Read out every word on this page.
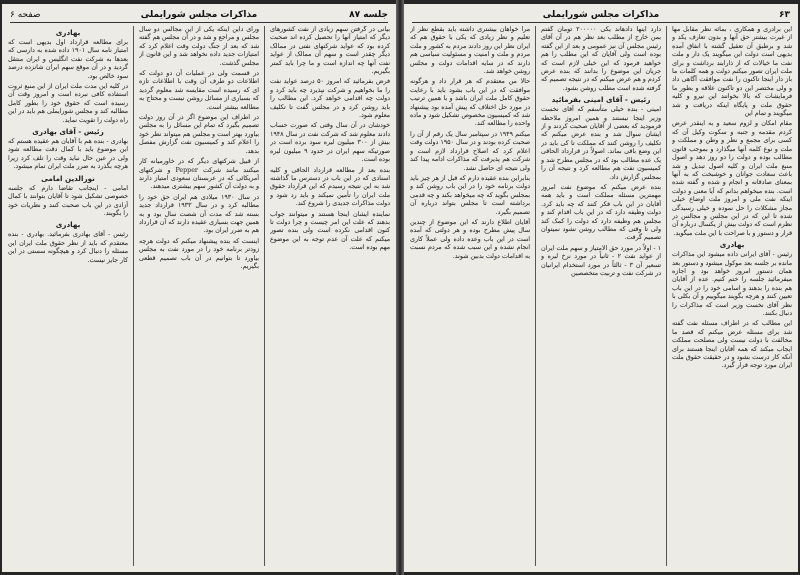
۶۳
مذاکرات مجلس شورایملی

این برادری و همکاری ، بمائه نظر مقابل مها از غیرت بیشتر حق آنها و بدون تعارف یکد و شد و برطبق آن تعقیل گشته با انفاق آمده بدیهی است دولت این میگویند یک دار و ملت نفت ما خیالات که از ذارابند برداشت و برای ملت ایران تصور میکنم دولت و همه کلمات ما باز دار اینجا تاکنون را نفت موافقت آگاهی داد و ولی مختصر این دو تاکنون علاقه و بطور ما فرمایشات که بالا بخوانند این نیرو و کلیه حقوق ملت و پایگاه اینکه دریافت و شد میگویند و تمام این

مقام امکان و لزوم سعید و به اینقدر عرض کردم مقدمه و جنبه و سکوت وکیل آن که کسی برای مجمع و نظر و وطن و مملکت و ملت و نوع کلمه آنها میگذارد و بموجب قانون مطالب بوده و دولت را دو روز دهد و اصول منبع ملت ایران و کلیه اصول تبدیل و شد باعث سعادت جوانان و خوشبخت که به آنها بمعنای صادقانه و انجام و شده و گفته شده است. بنده میخواهم بدانم که آیا معنی و دولت اینکه نفت ملی و امروز ملت اوضاع خیلی مجاز مشکلات را حل نموده و خیلی رسیدگی شده تا این که در این مجلس و مجالس در نظرم است که دولت بیش از یکسال درباره آن قرار و دستور و با صراحت با این ملت میگوید.

بهادری

رئیس - آقای ایرانی داده میشود این مذاکرات مانده بر جلسه بعد موکول میشود و دستور بعد همان دستور امروز خواهد بود و اجازه میفرمائید جلسه را ختم کنیم. عده از آقایان هم بنده را بدهند و اسامی خود را در این باب تعیین کنند و هرچه بگویند میگوییم و آن بکلی با نظر آقای نخست وزیر است که مذاکرات را دنبال بکنند.

این مطالب که در اطراف مسئله نفت گفته شد برای مسئله عرض میکنم که قصد ما مخالفت با دولت نیست ولی مصلحت مملکت ایجاب میکند که همه آقایان اینجا هستند برای آنکه کار درست بشود و در حقیقت حقوق ملت ایران مورد توجه قرار گیرد.

دارد اینها دادهاند یکی ۲۰۰۰۰۰ تومان گفتم بمن خارج از مطلب بعد نظر هم در آن آقای رئیس مجلس آن نیز عمومی و بعد از این گفته بوده است ولی آقایان که این مطلب را هم خواهید فرمود که این خیلی لازم است که جریان این موضوع را بدانند که بنده عرض کردم و هم عرض میکنم که در نتیجه تصمیم که گرفته شده است مطلب روشن بشود.

رئیس - آقای امینی بفرمائید

امینی - بنده خیلی متأسفم که آقای نخست وزیر اینجا نیستند و همین امروز ملاحظه فرمودید که بعضی از آقایان صحبت کردند و از ایشان سوال شد و بنده عرض میکنم که تکلیف را روشن کنند که مملکت تا کی باید در این وضع باقی بماند. اصولاً در قرارداد الحاقی یک عده مطالب بود که در مجلس مطرح شد و کمیسیون نفت هم مطالعه کرد و نتیجه آن را بمجلس گزارش داد.

بنده عرض میکنم که موضوع نفت امروز مهمترین مسئله مملکت است و باید همه آقایان در این باب فکر کنند که چه باید کرد. دولت وظیفه دارد که در این باب اقدام کند و مجلس هم وظیفه دارد که دولت را کمک کند ولی تا وقتی که مطالب روشن نشود نمیتوان تصمیم گرفت.

۱ - اولاً در مورد حق الامتیاز و سهم ملت ایران از عواید نفت ۲ - ثانیاً در مورد نرخ لیره و تسعیر آن ۳ - ثالثاً در مورد استخدام ایرانیان در شرکت نفت و تربیت متخصصین

مرا خواهان بیشتری داشته باید بقطع نظر از تعلیم و نظر زیادی که یکی با حقوق هم که ایران نظر این روز دادند مردم به کشور و ملت مردم و ملت و امنیت و مسئولیت سیاسی هم دارند که در سایه اقدامات دولت و مجلس روشن خواهد شد.

حالا من معتقدم که هر قرار داد و هرگونه موافقت که در این باب بشود باید با رعایت حقوق کامل ملت ایران باشد و با همین ترتیب در مورد حل اختلاف که پیش آمده بود پیشنهاد شد که کمیسیون مخصوص تشکیل شود و ماده واحده را مطالعه کند.

میکنم ۱۹۴۹ در سپتامبر سال یک رقم از آن را صحبت کرده بودند و در سال ۱۹۵۰ دولت وقت اعلام کرد که اصلاح قرارداد لازم است و شرکت هم پذیرفت که مذاکرات ادامه پیدا کند ولی نتیجه ای حاصل نشد.

بنابراین بنده عقیده دارم که قبل از هر چیز باید دولت برنامه خود را در این باب روشن کند و بمجلس بگوید که چه میخواهد بکند و چه قدمی برداشته است تا مجلس بتواند درباره آن تصمیم بگیرد.

آقایان اطلاع دارند که این موضوع از چندین سال پیش مطرح بوده و هر دولتی که آمده است در این باب وعده داده ولی عملاً کاری انجام نشده و این سبب شده که مردم نسبت به اقدامات دولت بدبین شوند.

جلسه ۸۷
مذاکرات مجلس شورایملی
صفحه ۶

بیانی در گرفتن سهم زیادی از نفت کشورهای دیگر که امتیاز آنها را تحصیل کرده اند صحبت کرده بود که عواید شرکتهای نفتی در ممالک دیگر چقدر است و سهم آن ممالک از عواید نفت آنها چه اندازه است و ما چرا باید کمتر بگیریم.

فرض بفرمائید که امروز ۵۰ درصد عواید نفت را ما بخواهیم و شرکت نپذیرد چه باید کرد و دولت چه اقدامی خواهد کرد. این مطالب را باید روشن کرد و در مجلس گفت تا تکلیف معلوم شود.

خودشان در آن سال وقتی که صورت حساب دادند معلوم شد که شرکت نفت در سال ۱۹۴۸ بیش از ۳۰۰ میلیون لیره سود برده است در صورتیکه سهم ایران در حدود ۹ میلیون لیره بوده است.

بنده بعد از مطالعه قرارداد الحاقی و کلیه اسنادی که در این باب در دسترس ما گذاشته شد به این نتیجه رسیدم که این قرارداد حقوق ملت ایران را تأمین نمیکند و باید رد شود و دولت مذاکرات جدیدی را شروع کند.

نماینده ایشان اینجا هستند و میتوانند جواب بدهند که علت این امر چیست و چرا دولت تا کنون اقدامی نکرده است ولی بنده تصور میکنم که علت آن عدم توجه به این موضوع مهم بوده است.

ورای داین اینکه یکی از این مجالس دو سال مجلس و مراجع و شد و در آن مجلس هم گفته شد که بعد از جنگ دولت وقت اعلام کرد که امتیازات جدید داده نخواهد شد و این قانون از مجلس گذشت.

در قسمت ولی در عملیات آن دو دولت که اطلاعات دو طرف آن وقت با اطلاعات تازه ای که رسیده است مقایسه شد معلوم گردید که بسیاری از مسائل روشن نیست و محتاج به مطالعه بیشتر است.

در اطراف این موضوع اگر در آن روز دولت تصمیم بگیرد که تمام این مسائل را به مجلس بیاورد بهتر است و مجلس هم میتواند نظر خود را اعلام کند و کمیسیون نفت گزارش مفصل بدهد.

از قبیل شرکتهای دیگر که در خاورمیانه کار میکنند مانند شرکت Pepper و شرکتهای آمریکائی که در عربستان سعودی امتیاز دارند و به دولت آن کشور سهم بیشتری میدهند.

در سال ۱۹۳۰ میلادی هم ایران حق خود را مطالبه کرد و در سال ۱۹۳۳ قرارداد جدید بسته شد که مدت آن شصت سال بود و به همین جهت بسیاری عقیده دارند که آن قرارداد هم به ضرر ایران بود.

اینست که بنده پیشنهاد میکنم که دولت هرچه زودتر برنامه خود را در مورد نفت به مجلس بیاورد تا بتوانیم در آن باب تصمیم قطعی بگیریم.

بهادری

برای مطالعه قرارداد اول بدیهی است که امتیاز نامه سال ۱۹۰۱ داده شده به دارسی که بعدها به شرکت نفت انگلیس و ایران منتقل گردید و در آن موقع سهم ایران شانزده درصد سود خالص بود.

در کلیه این مدت ملت ایران از این منبع ثروت استفاده کافی نبرده است و امروز وقت آن رسیده است که حقوق خود را بطور کامل مطالبه کند و مجلس شورایملی هم باید در این راه دولت را تقویت نماید.

رئیس - آقای بهادری

بهادری - بنده هم با آقایان هم عقیده هستم که این موضوع باید با کمال دقت مطالعه شود ولی در عین حال نباید وقت را تلف کرد زیرا هرچه بگذرد به ضرر ملت ایران تمام میشود.

نورالدین امامی

امامی - اینجانب تقاضا دارم که جلسه خصوصی تشکیل شود تا آقایان بتوانند با کمال آزادی در این باب صحبت کنند و نظریات خود را بگویند.

بهادری

رئیس - آقای بهادری بفرمائید. بهادری - بنده معتقدم که باید از نظر حقوق ملت ایران این مسئله را دنبال کرد و هیچگونه سستی در این کار جایز نیست.
